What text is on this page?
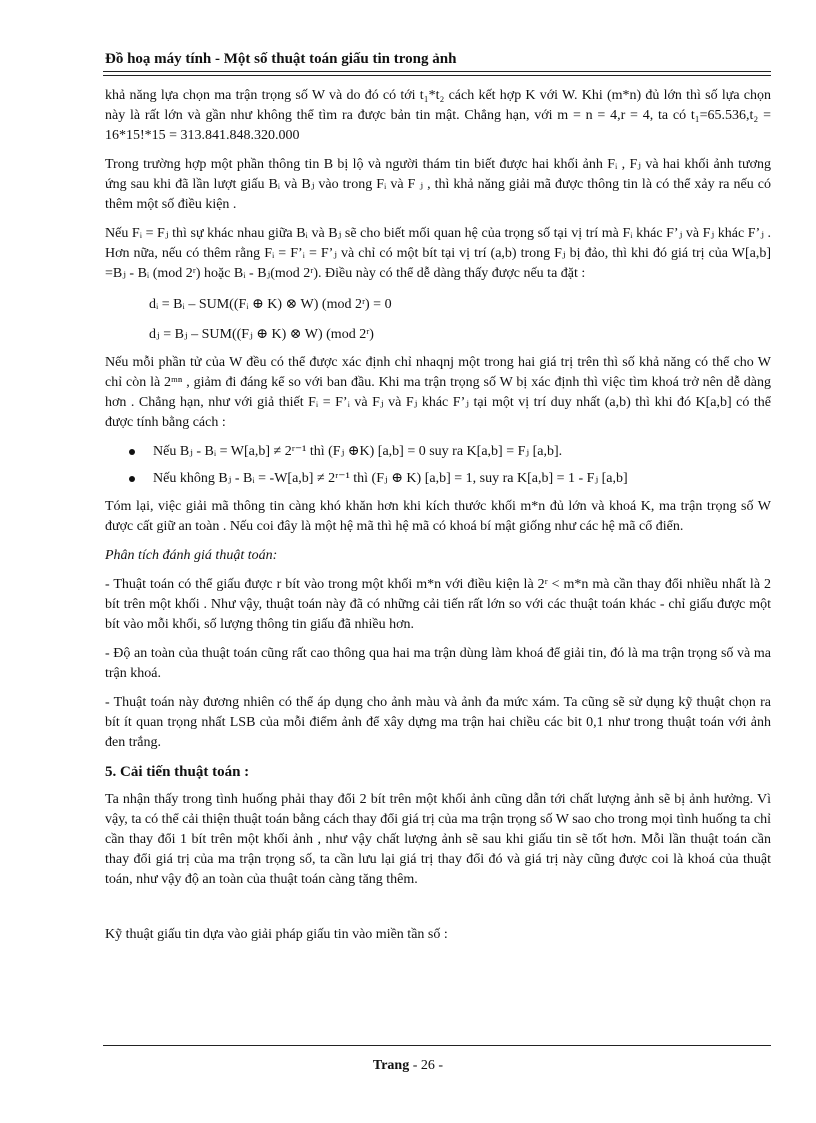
Đồ hoạ máy tính - Một số thuật toán giấu tin trong ảnh

khả năng lựa chọn ma trận trọng số W và do đó có tới t₁*t₂ cách kết hợp K với W. Khi (m*n) đủ lớn thì số lựa chọn này là rất lớn và gần như không thể tìm ra được bản tin mật. Chẳng hạn, với m = n = 4,r = 4, ta có t₁=65.536,t₂ = 16*15!*15 = 313.841.848.320.000

Trong trường hợp một phần thông tin B bị lộ và người thám tin biết được hai khối ảnh Fᵢ , Fⱼ và hai khối ảnh tương ứng sau khi đã lần lượt giấu Bᵢ và Bⱼ vào trong Fᵢ và F ⱼ , thì khả năng giải mã được thông tin là có thể xảy ra nếu có thêm một số điều kiện .

Nếu Fᵢ = Fⱼ thì sự khác nhau giữa Bᵢ và Bⱼ sẽ cho biết mối quan hệ của trọng số tại vị trí mà Fᵢ khác F’ⱼ và Fⱼ khác F’ⱼ . Hơn nữa, nếu có thêm rằng Fᵢ = F’ᵢ = F’ⱼ và chỉ có một bít tại vị trí (a,b) trong Fⱼ bị đảo, thì khi đó giá trị của W[a,b] =Bⱼ - Bᵢ (mod 2ʳ) hoặc Bᵢ - Bⱼ(mod 2ʳ). Điều này có thể dễ dàng thấy được nếu ta đặt :

dᵢ = Bᵢ – SUM((Fᵢ ⊕ K) ⊗ W) (mod 2ʳ) = 0

dⱼ = Bⱼ – SUM((Fⱼ ⊕ K) ⊗ W) (mod 2ʳ)

Nếu mỗi phần tử của W đều có thể được xác định chỉ nhaqnj một trong hai giá trị trên thì số khả năng có thể cho W chỉ còn là 2ᵐⁿ , giảm đi đáng kể so với ban đầu. Khi ma trận trọng số W bị xác định thì việc tìm khoá trở nên dễ dàng hơn . Chẳng hạn, như với giả thiết Fᵢ = F’ᵢ và Fⱼ và Fⱼ khác F’ⱼ tại một vị trí duy nhất (a,b) thì khi đó K[a,b] có thể được tính bằng cách :

Nếu Bⱼ - Bᵢ = W[a,b] ≠ 2ʳ⁻¹ thì (Fⱼ ⊕K) [a,b] = 0 suy ra K[a,b] = Fⱼ [a,b].
Nếu không Bⱼ - Bᵢ = -W[a,b] ≠ 2ʳ⁻¹ thì (Fⱼ ⊕ K) [a,b] = 1, suy ra K[a,b] = 1 - Fⱼ [a,b]

Tóm lại, việc giải mã thông tin càng khó khăn hơn khi kích thước khối m*n đủ lớn và khoá K, ma trận trọng số W được cất giữ an toàn . Nếu coi đây là một hệ mã thì hệ mã có khoá bí mật giống như các hệ mã cổ điển.

Phân tích đánh giá thuật toán:

- Thuật toán có thể giấu được r bít vào trong một khối m*n với điều kiện là 2ʳ < m*n mà cần thay đổi nhiều nhất là 2 bít trên một khối . Như vậy, thuật toán này đã có những cải tiến rất lớn so với các thuật toán khác - chỉ giấu được một bít vào mỗi khối, số lượng thông tin giấu đã nhiều hơn.

- Độ an toàn của thuật toán cũng rất cao thông qua hai ma trận dùng làm khoá để giải tin, đó là ma trận trọng số và ma trận khoá.

- Thuật toán này đương nhiên có thể áp dụng cho ảnh màu và ảnh đa mức xám. Ta cũng sẽ sử dụng kỹ thuật chọn ra bít ít quan trọng nhất LSB của mỗi điểm ảnh để xây dựng ma trận hai chiều các bit 0,1 như trong thuật toán với ảnh đen trắng.

5. Cải tiến thuật toán :

Ta nhận thấy trong tình huống phải thay đổi 2 bít trên một khối ảnh cũng dẫn tới chất lượng ảnh sẽ bị ảnh hưởng. Vì vậy, ta có thể cải thiện thuật toán bằng cách thay đổi giá trị của ma trận trọng số W sao cho trong mọi tình huống ta chỉ cần thay đổi 1 bít trên một khối ảnh , như vậy chất lượng ảnh sẽ sau khi giấu tin sẽ tốt hơn. Mỗi lần thuật toán cần thay đổi giá trị của ma trận trọng số, ta cần lưu lại giá trị thay đổi đó và giá trị này cũng được coi là khoá của thuật toán, như vậy độ an toàn của thuật toán càng tăng thêm.

Kỹ thuật giấu tin dựa vào giải pháp giấu tin vào miền tần số :

Trang - 26 -
